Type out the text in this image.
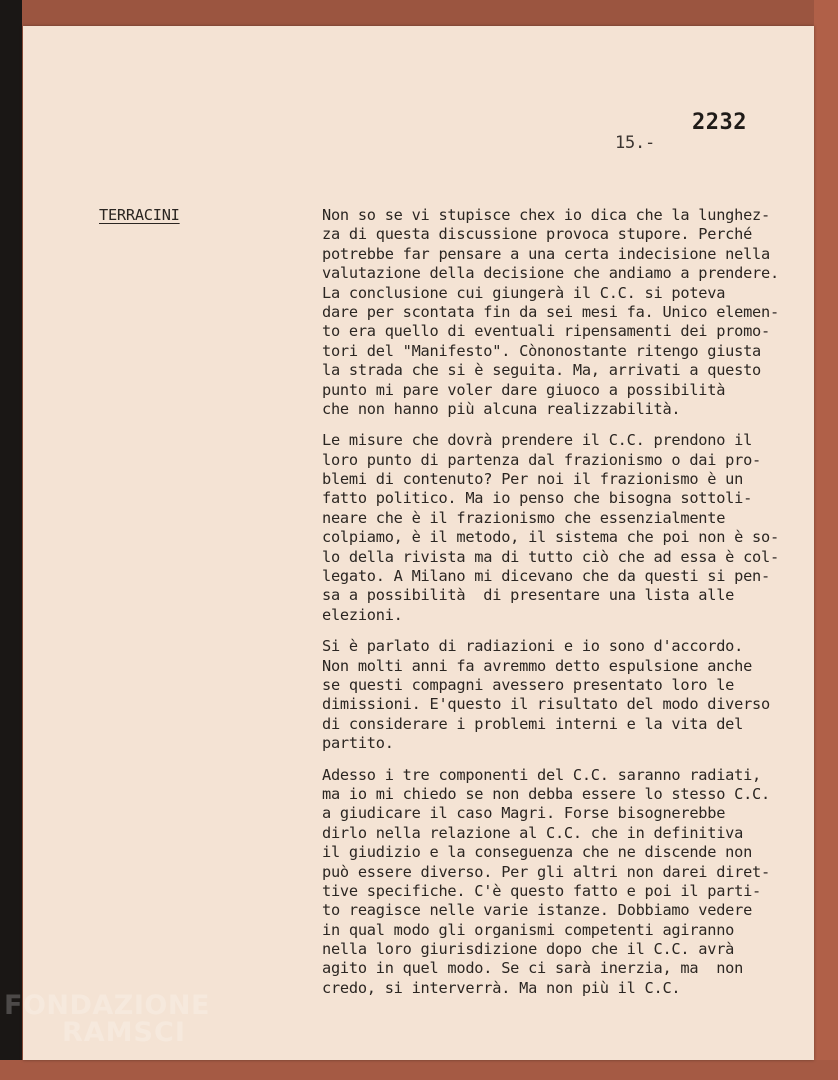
2232
15.-
TERRACINI	Non so se vi stupisce chex io dica che la lunghez-
za di questa discussione provoca stupore. Perché
potrebbe far pensare a una certa indecisione nella
valutazione della decisione che andiamo a prendere.
La conclusione cui giungerà il C.C. si poteva
dare per scontata fin da sei mesi fa. Unico elemen-
to era quello di eventuali ripensamenti dei promo-
tori del "Manifesto". Cònonostante ritengo giusta
la strada che si è seguita. Ma, arrivati a questo
punto mi pare voler dare giuoco a possibilità
che non hanno più alcuna realizzabilità.
Le misure che dovrà prendere il C.C. prendono il
loro punto di partenza dal frazionismo o dai pro-
blemi di contenuto? Per noi il frazionismo è un
fatto politico. Ma io penso che bisogna sottoli-
neare che è il frazionismo che essenzialmente
colpiamo, è il metodo, il sistema che poi non è so-
lo della rivista ma di tutto ciò che ad essa è col-
legato. A Milano mi dicevano che da questi si pen-
sa a possibilità  di presentare una lista alle
elezioni.
Si è parlato di radiazioni e io sono d'accordo.
Non molti anni fa avremmo detto espulsione anche
se questi compagni avessero presentato loro le
dimissioni. E'questo il risultato del modo diverso
di considerare i problemi interni e la vita del
partito.
Adesso i tre componenti del C.C. saranno radiati,
ma io mi chiedo se non debba essere lo stesso C.C.
a giudicare il caso Magri. Forse bisognerebbe
dirlo nella relazione al C.C. che in definitiva
il giudizio e la conseguenza che ne discende non
può essere diverso. Per gli altri non darei diret-
tive specifiche. C'è questo fatto e poi il parti-
to reagisce nelle varie istanze. Dobbiamo vedere
in qual modo gli organismi competenti agiranno
nella loro giurisdizione dopo che il C.C. avrà
agito in quel modo. Se ci sarà inerzia, ma  non
credo, si interverrà. Ma non più il C.C.
FONDAZIONE
RAMSCI
